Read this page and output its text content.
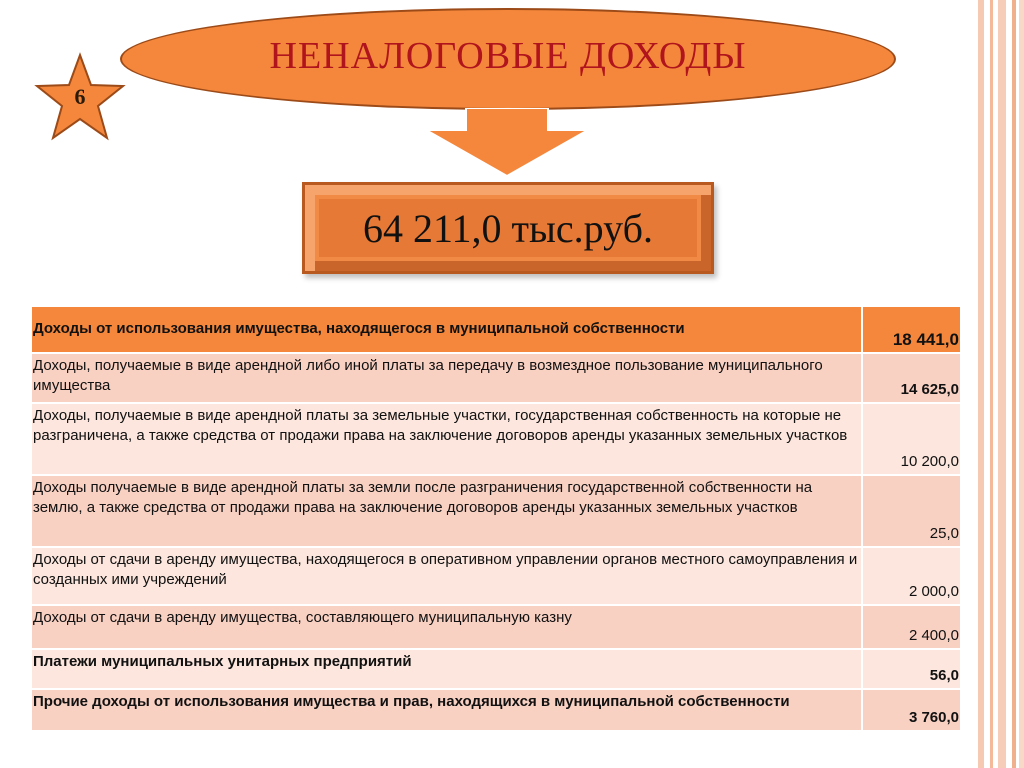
6
НЕНАЛОГОВЫЕ ДОХОДЫ
64 211,0 тыс.руб.
Доходы от использования имущества, находящегося в муниципальной собственности	18 441,0
Доходы, получаемые в виде арендной либо иной платы за передачу в возмездное пользование муниципального имущества	14 625,0
Доходы, получаемые в виде арендной платы за земельные участки, государственная собственность на которые не разграничена, а также средства от продажи права на заключение договоров аренды указанных земельных участков	10 200,0
Доходы получаемые в виде арендной платы за земли после разграничения государственной собственности на землю, а также средства от продажи права на заключение договоров аренды указанных земельных участков	25,0
Доходы от сдачи в аренду имущества, находящегося в оперативном управлении органов местного самоуправления и созданных ими учреждений	2 000,0
Доходы от сдачи в аренду имущества, составляющего муниципальную казну	2 400,0
Платежи муниципальных унитарных предприятий	56,0
Прочие доходы от использования имущества и прав, находящихся в муниципальной собственности	3 760,0
